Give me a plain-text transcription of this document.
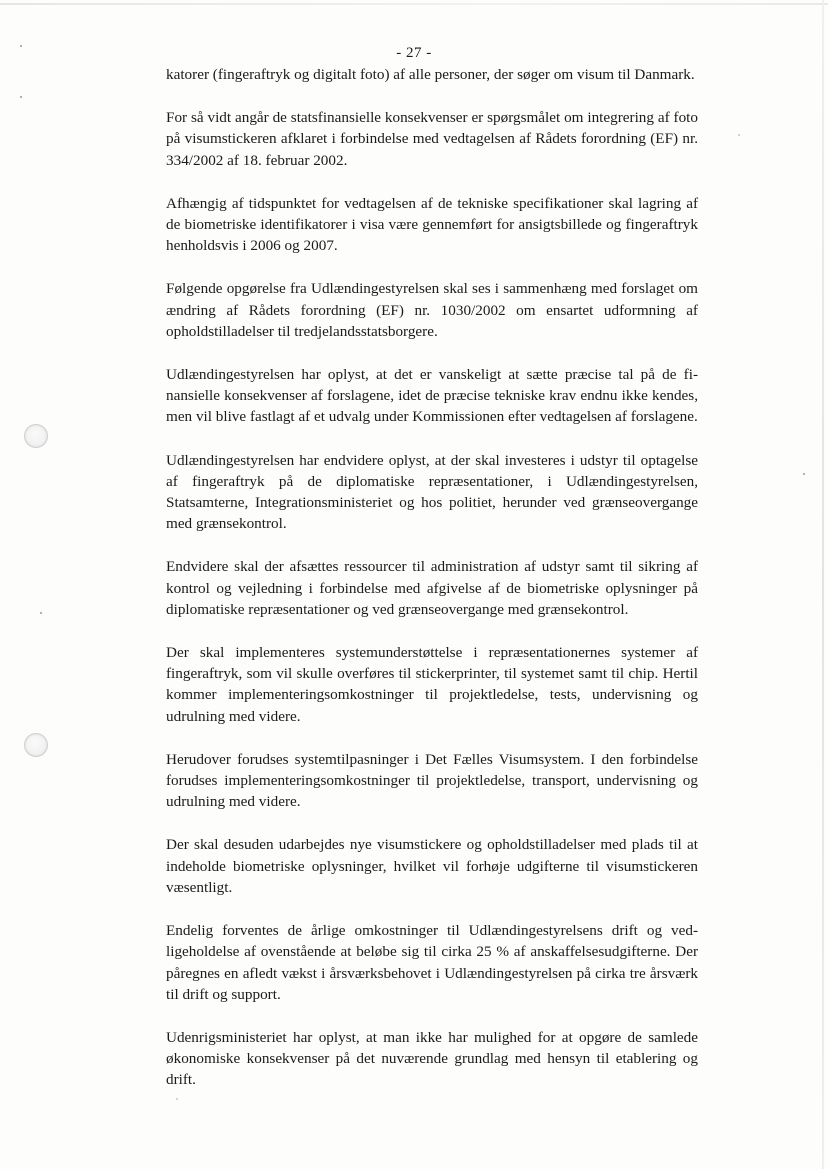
- 27 -

katorer (fingeraftryk og digitalt foto) af alle personer, der søger om visum til Danmark.

For så vidt angår de statsfinansielle konsekvenser er spørgsmålet om integrering af foto på visumstickeren afklaret i forbindelse med vedtagelsen af Rådets forordning (EF) nr. 334/2002 af 18. februar 2002.

Afhængig af tidspunktet for vedtagelsen af de tekniske specifikationer skal lagring af de biometriske identifikatorer i visa være gennemført for ansigtsbillede og fingeraftryk henholdsvis i 2006 og 2007.

Følgende opgørelse fra Udlændingestyrelsen skal ses i sammenhæng med forslaget om ændring af Rådets forordning (EF) nr. 1030/2002 om ensartet udformning af opholdstilladelser til tredjelandsstatsborgere.

Udlændingestyrelsen har oplyst, at det er vanskeligt at sætte præcise tal på de finansielle konsekvenser af forslagene, idet de præcise tekniske krav endnu ikke kendes, men vil blive fastlagt af et udvalg under Kommissionen efter vedtagelsen af forslagene.

Udlændingestyrelsen har endvidere oplyst, at der skal investeres i udstyr til optagelse af fingeraftryk på de diplomatiske repræsentationer, i Udlændingestyrelsen, Statsamterne, Integrationsministeriet og hos politiet, herunder ved grænseovergange med grænsekontrol.

Endvidere skal der afsættes ressourcer til administration af udstyr samt til sikring af kontrol og vejledning i forbindelse med afgivelse af de biometriske oplysninger på diplomatiske repræsentationer og ved grænseovergange med grænsekontrol.

Der skal implementeres systemunderstøttelse i repræsentationernes systemer af fingeraftryk, som vil skulle overføres til stickerprinter, til systemet samt til chip. Hertil kommer implementeringsomkostninger til projektledelse, tests, undervisning og udrulning med videre.

Herudover forudses systemtilpasninger i Det Fælles Visumsystem. I den forbindelse forudses implementeringsomkostninger til projektledelse, transport, undervisning og udrulning med videre.

Der skal desuden udarbejdes nye visumstickere og opholdstilladelser med plads til at indeholde biometriske oplysninger, hvilket vil forhøje udgifterne til visumstickeren væsentligt.

Endelig forventes de årlige omkostninger til Udlændingestyrelsens drift og vedligeholdelse af ovenstående at beløbe sig til cirka 25 % af anskaffelsesudgifterne. Der påregnes en afledt vækst i årsværksbehovet i Udlændingestyrelsen på cirka tre årsværk til drift og support.

Udenrigsministeriet har oplyst, at man ikke har mulighed for at opgøre de samlede økonomiske konsekvenser på det nuværende grundlag med hensyn til etablering og drift.
